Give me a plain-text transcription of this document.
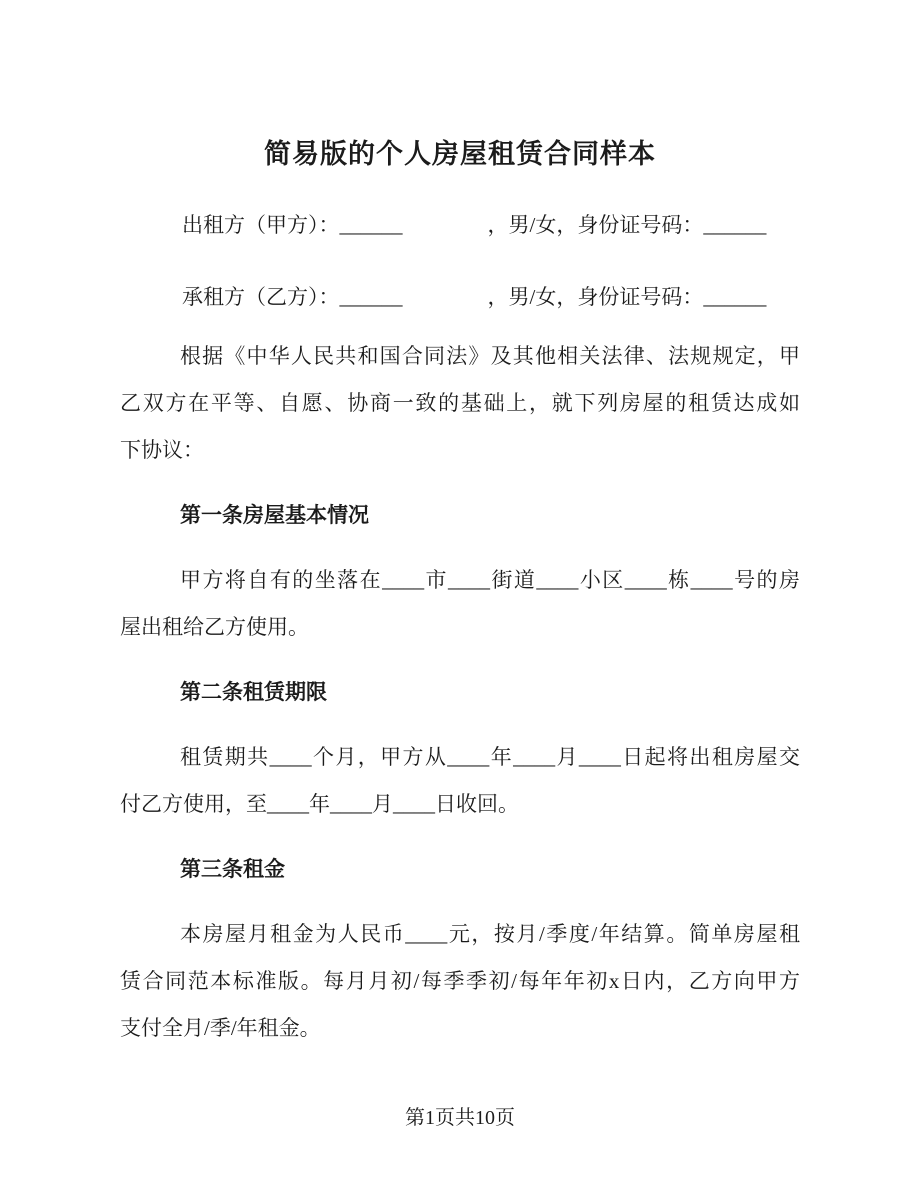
简易版的个人房屋租赁合同样本

出租方（甲方）：______	，男/女，身份证号码：______

承租方（乙方）：______	，男/女，身份证号码：______

根据《中华人民共和国合同法》及其他相关法律、法规规定，甲
乙双方在平等、自愿、协商一致的基础上，就下列房屋的租赁达成如
下协议：
第一条房屋基本情况
甲方将自有的坐落在____市____街道____小区____栋____号的房
屋出租给乙方使用。
第二条租赁期限
租赁期共____个月，甲方从____年____月____日起将出租房屋交
付乙方使用，至____年____月____日收回。
第三条租金
本房屋月租金为人民币____元，按月/季度/年结算。简单房屋租
赁合同范本标准版。每月月初/每季季初/每年年初x日内，乙方向甲方
支付全月/季/年租金。
第1页共10页
